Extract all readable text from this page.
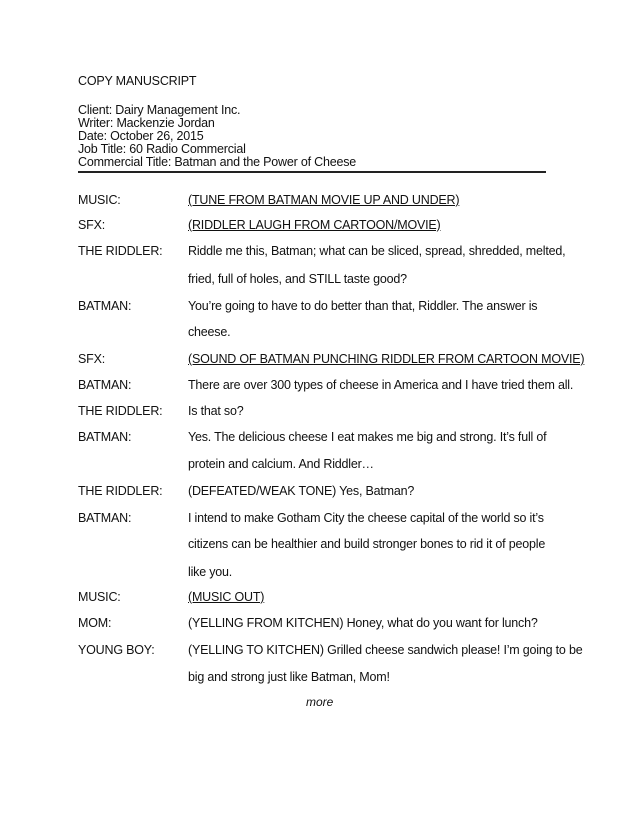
COPY MANUSCRIPT
Client: Dairy Management Inc.
Writer: Mackenzie Jordan
Date: October 26, 2015
Job Title: 60 Radio Commercial
Commercial Title: Batman and the Power of Cheese
MUSIC:	(TUNE FROM BATMAN MOVIE UP AND UNDER)
SFX:	(RIDDLER LAUGH FROM CARTOON/MOVIE)
THE RIDDLER: Riddle me this, Batman; what can be sliced, spread, shredded, melted,
fried, full of holes, and STILL taste good?
BATMAN:	You’re going to have to do better than that, Riddler. The answer is
cheese.
SFX:	(SOUND OF BATMAN PUNCHING RIDDLER FROM CARTOON MOVIE)
BATMAN:	There are over 300 types of cheese in America and I have tried them all.
THE RIDDLER: Is that so?
BATMAN:	Yes. The delicious cheese I eat makes me big and strong. It’s full of
protein and calcium. And Riddler…
THE RIDDLER: (DEFEATED/WEAK TONE) Yes, Batman?
BATMAN:	I intend to make Gotham City the cheese capital of the world so it’s
citizens can be healthier and build stronger bones to rid it of people
like you.
MUSIC:	(MUSIC OUT)
MOM:	(YELLING FROM KITCHEN) Honey, what do you want for lunch?
YOUNG BOY:	(YELLING TO KITCHEN) Grilled cheese sandwich please! I’m going to be
big and strong just like Batman, Mom!
more
